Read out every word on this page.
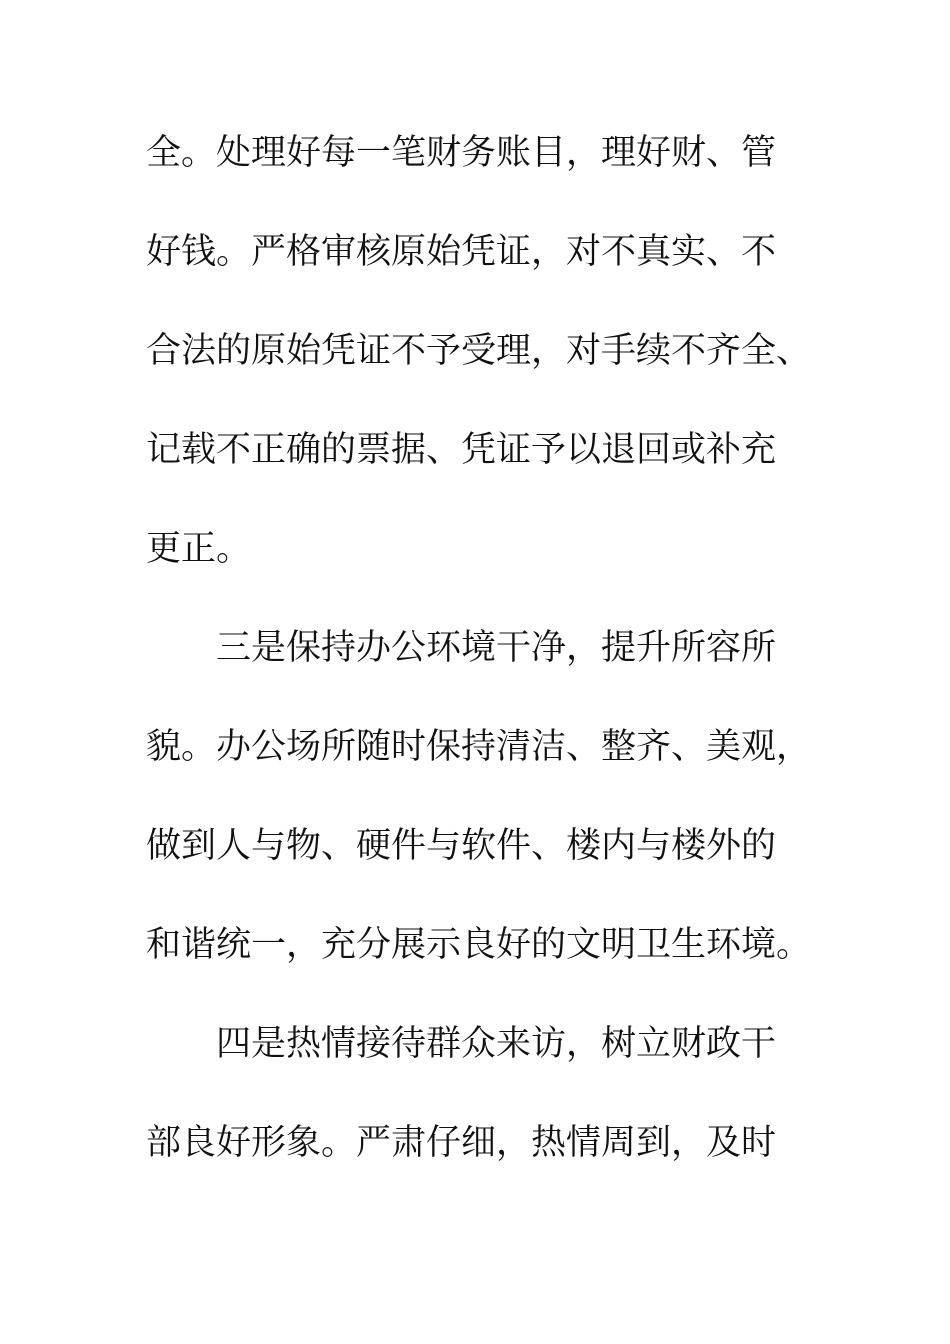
全。处理好每一笔财务账目，理好财、管
好钱。严格审核原始凭证，对不真实、不
合法的原始凭证不予受理，对手续不齐全、
记载不正确的票据、凭证予以退回或补充
更正。
三是保持办公环境干净，提升所容所
貌。办公场所随时保持清洁、整齐、美观，
做到人与物、硬件与软件、楼内与楼外的
和谐统一，充分展示良好的文明卫生环境。
四是热情接待群众来访，树立财政干
部良好形象。严肃仔细，热情周到，及时
